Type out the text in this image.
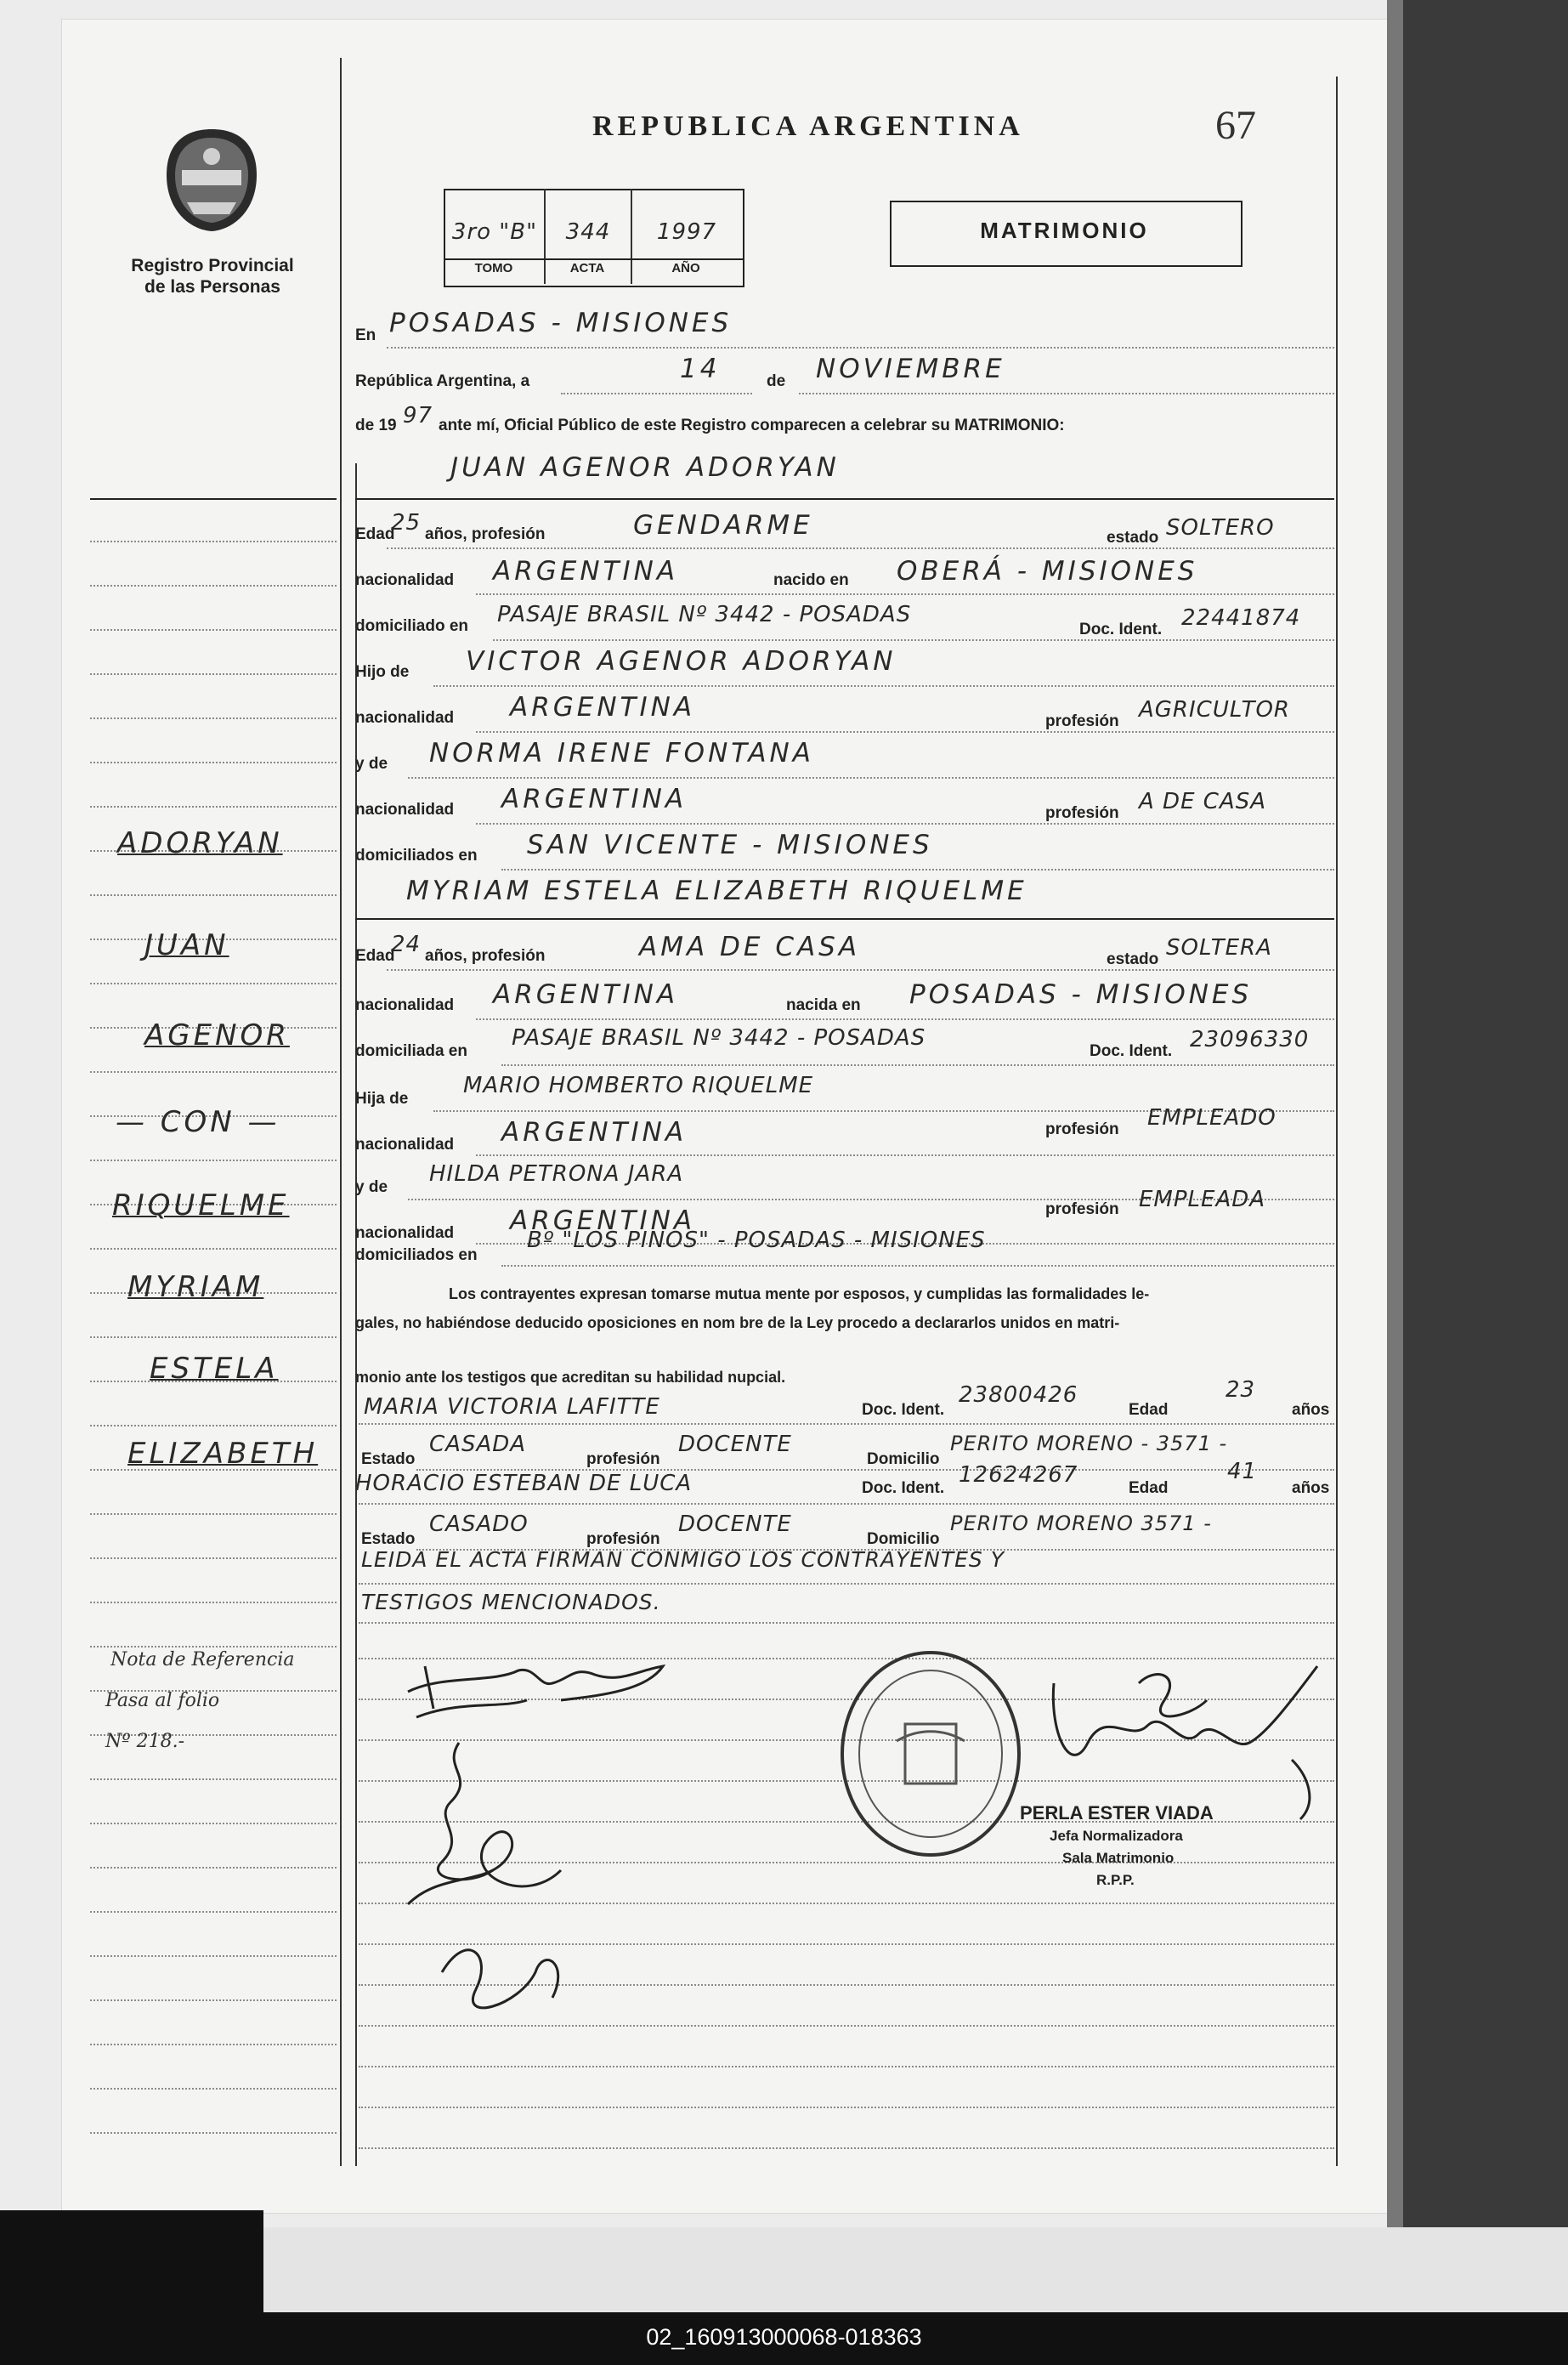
02_160913000068-018363
Registro Provincial
de las Personas
REPUBLICA ARGENTINA	67
MATRIMONIO
3ro "B"	344	1997
TOMO	ACTA	AÑO
En POSADAS - MISIONES
República Argentina, a	14	de NOVIEMBRE
de 19 97 ante mí, Oficial Público de este Registro comparecen a celebrar su MATRIMONIO:
JUAN AGENOR ADORYAN
Edad
25 años, profesión	GENDARME	estado SOLTERO
nacionalidad ARGENTINA	nacido en OBERÁ - MISIONES
domiciliado en PASAJE BRASIL Nº 3442 - POSADAS
Doc. Ident. 22441874
Hijo de VICTOR AGENOR ADORYAN
nacionalidad ARGENTINA	profesión AGRICULTOR
y de NORMA IRENE FONTANA
nacionalidad ARGENTINA	profesión A DE CASA
domiciliados en SAN VICENTE - MISIONES
MYRIAM ESTELA ELIZABETH RIQUELME
Edad
24 años, profesión	AMA DE CASA	estado SOLTERA
nacionalidad ARGENTINA	nacida en POSADAS - MISIONES
domiciliada en
PASAJE BRASIL Nº 3442 - POSADAS
Doc. Ident. 23096330
Hija de
MARIO HOMBERTO RIQUELME
nacionalidad ARGENTINA	profesión EMPLEADO
y de
HILDA PETRONA JARA
nacionalidad ARGENTINA	profesión EMPLEADA
domiciliados en
Bº "LOS PINOS" - POSADAS - MISIONES
Los contrayentes expresan tomarse mutua mente por esposos, y cumplidas las formalidades le-
gales, no habiéndose deducido oposiciones en nom bre de la Ley procedo a declararlos unidos en matri-
monio ante los testigos que acreditan su habilidad nupcial.
MARIA VICTORIA LAFITTE	Doc. Ident.
23800426
Edad
23
años
Estado
CASADA
profesión
DOCENTE
Domicilio
PERITO MORENO - 3571 -
HORACIO ESTEBAN DE LUCA	Doc. Ident.
12624267
Edad
41
años
Estado
CASADO
profesión
DOCENTE
Domicilio
PERITO MORENO 3571 -
LEIDA EL ACTA FIRMAN CONMIGO LOS CONTRAYENTES Y
TESTIGOS MENCIONADOS.
PERLA ESTER VIADA
Jefa Normalizadora
Sala Matrimonio
R.P.P.
ADORYAN
JUAN
AGENOR
— CON —
RIQUELME
MYRIAM
ESTELA
ELIZABETH
Nota de Referencia
Pasa al folio
Nº 218.-
